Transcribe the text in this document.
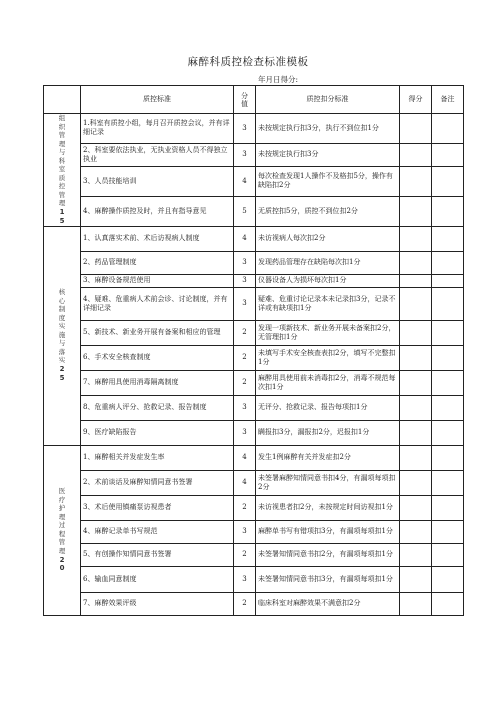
麻醉科质控检查标准模板
年月日得分:
	质控标准	分
值	质控扣分标准	得分	备注
组织管理与科室质控管理
15	1.科室有质控小组，每月召开质控会议，并有详细记录	3	未按规定执行扣3分，执行不到位扣1分		
	2、科室要依法执业，无执业资格人员不得独立执业	3	未按规定执行扣3分		
	3、人员技能培训	4	每次检查发现1人操作不及格扣5分，操作有缺陷扣2分		
	4、麻醉操作质控及时，并且有指导意见	5	无质控扣5分，质控不到位扣2分		
核心制度实施与落实
25	1、认真落实术前、术后访视病人制度	4	未访视病人每次扣2分		
	2、药品管理制度	3	发现药品管理存在缺陷每次扣1分		
	3、麻醉设备规范使用	3	仪器设备人为损坏每次扣1分		
	4、疑难、危重病人术前会诊、讨论制度，并有详细记录	3	疑难、危重讨论记录本未记录扣3分，记录不详或有缺项扣1分		
	5、新技术、新业务开展有备案和相应的管理	2	发现一项新技术、新业务开展未备案扣2分，无管理扣1分		
	6、手术安全核查制度	2	未填写手术安全核查表扣2分，填写不完整扣1分		
	7、麻醉用具使用消毒隔离制度	2	麻醉用具使用前未消毒扣2分，消毒不规范每次扣1分		
	8、危重病人评分、抢救记录、报告制度	3	无评分、抢救记录、报告每项扣1分		
	9、医疗缺陷报告	3	瞒报扣3分，漏报扣2分，迟报扣1分		
医疗护理过程管理
20	1、麻醉相关并发症发生率	4	发生1例麻醉有关并发症扣2分		
	2、术前谈话及麻醉知情同意书签署	4	未签署麻醉知情同意书扣4分，有漏项每项扣2分		
	3、术后使用镇痛泵访视患者	2	未访视患者扣2分，未按规定时间访视扣1分		
	4、麻醉记录单书写规范	3	麻醉单书写有错项扣3分，有漏项每项扣1分		
	5、有创操作知情同意书签署	2	未签署知情同意书扣2分，有漏项每项扣1分		
	6、输血同意制度	3	未签署知情同意书扣3分，有漏项每项扣1分		
	7、麻醉效果评级	2	临床科室对麻醉效果不满意扣2分		
